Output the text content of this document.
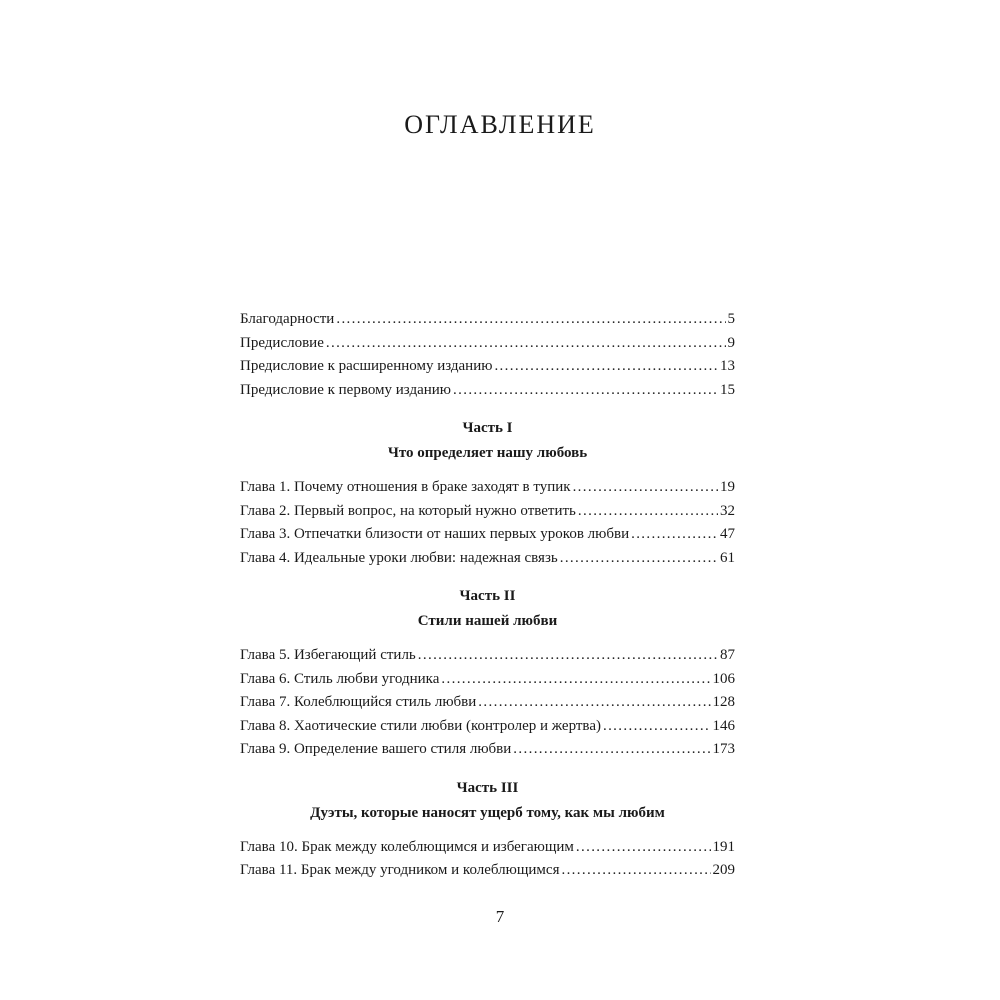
ОГЛАВЛЕНИЕ
Благодарности . . .	5
Предисловие . . .	9
Предисловие к расширенному изданию . . .	13
Предисловие к первому изданию . . .	15
Часть I
Что определяет нашу любовь
Глава 1. Почему отношения в браке заходят в тупик . . .	19
Глава 2. Первый вопрос, на который нужно ответить . . .	32
Глава 3. Отпечатки близости от наших первых уроков любви . . .	47
Глава 4. Идеальные уроки любви: надежная связь . . .	61
Часть II
Стили нашей любви
Глава 5. Избегающий стиль . . .	87
Глава 6. Стиль любви угодника . . .	106
Глава 7. Колеблющийся стиль любви . . .	128
Глава 8. Хаотические стили любви (контролер и жертва) . . .	146
Глава 9. Определение вашего стиля любви . . .	173
Часть III
Дуэты, которые наносят ущерб тому, как мы любим
Глава 10. Брак между колеблющимся и избегающим . . .	191
Глава 11. Брак между угодником и колеблющимся . . .	209
7
